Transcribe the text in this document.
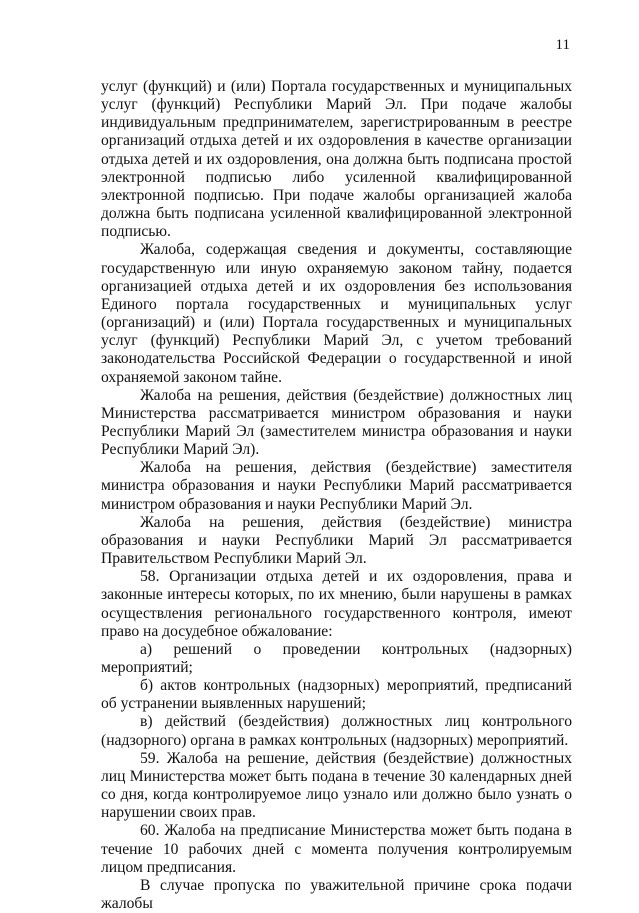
11

услуг (функций) и (или) Портала государственных и муниципальных услуг (функций) Республики Марий Эл. При подаче жалобы индивидуальным предпринимателем, зарегистрированным в реестре организаций отдыха детей и их оздоровления в качестве организации отдыха детей и их оздоровления, она должна быть подписана простой электронной подписью либо усиленной квалифицированной электронной подписью. При подаче жалобы организацией жалоба должна быть подписана усиленной квалифицированной электронной подписью.

Жалоба, содержащая сведения и документы, составляющие государственную или иную охраняемую законом тайну, подается организацией отдыха детей и их оздоровления без использования Единого портала государственных и муниципальных услуг (организаций) и (или) Портала государственных и муниципальных услуг (функций) Республики Марий Эл, с учетом требований законодательства Российской Федерации о государственной и иной охраняемой законом тайне.

Жалоба на решения, действия (бездействие) должностных лиц Министерства рассматривается министром образования и науки Республики Марий Эл (заместителем министра образования и науки Республики Марий Эл).

Жалоба на решения, действия (бездействие) заместителя министра образования и науки Республики Марий рассматривается министром образования и науки Республики Марий Эл.

Жалоба на решения, действия (бездействие) министра образования и науки Республики Марий Эл рассматривается Правительством Республики Марий Эл.

58. Организации отдыха детей и их оздоровления, права и законные интересы которых, по их мнению, были нарушены в рамках осуществления регионального государственного контроля, имеют право на досудебное обжалование:

а) решений о проведении контрольных (надзорных) мероприятий;

б) актов контрольных (надзорных) мероприятий, предписаний об устранении выявленных нарушений;

в) действий (бездействия) должностных лиц контрольного (надзорного) органа в рамках контрольных (надзорных) мероприятий.

59. Жалоба на решение, действия (бездействие) должностных лиц Министерства может быть подана в течение 30 календарных дней со дня, когда контролируемое лицо узнало или должно было узнать о нарушении своих прав.

60. Жалоба на предписание Министерства может быть подана в течение 10 рабочих дней с момента получения контролируемым лицом предписания.

В случае пропуска по уважительной причине срока подачи жалобы
